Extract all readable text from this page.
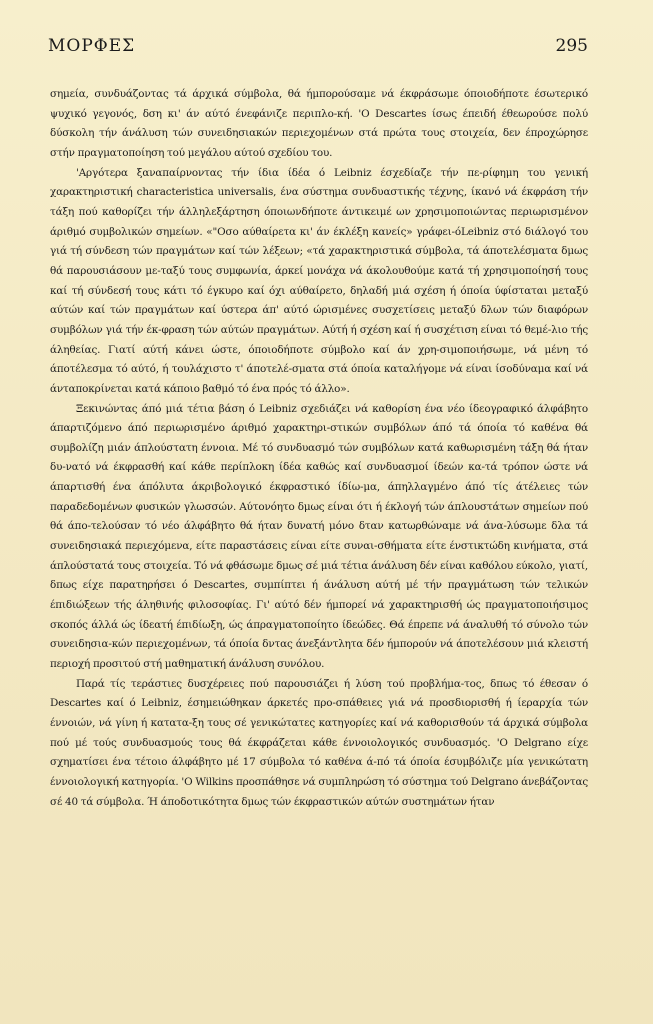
ΜΟΡΦΕΣ	295

σημεία, συνδυάζοντας τά άρχικά σύμβολα, θά ήμπορούσαμε νά έκφράσωμε όποιοδήποτε έσωτερικό ψυχικό γεγονός, δση κι' άν αύτό ένεφάνιζε περιπλο-κή. 'Ο Descartes ίσως έπειδή έθεωρούσε πολύ δύσκολη τήν άνάλυση τών συνειδησιακών περιεχομένων στά πρώτα τους στοιχεία, δεν έπροχώρησε στήν πραγματοποίηση τού μεγάλου αύτού σχεδίου του.

'Αργότερα ξαναπαίρνοντας τήν ίδια ίδέα ό Leibniz έσχεδίαζε τήν πε-ρίφημη του γενική χαρακτηριστική characteristica universalis, ένα σύστημα συνδυαστικής τέχνης, ίκανό νά έκφράση τήν τάξη πού καθορίζει τήν άλληλεξάρτηση όποιωνδήποτε άντικειμέ ων χρησιμοποιώντας περιωρισμένον άριθμό συμβολικών σημείων. «"Οσο αύθαίρετα κι' άν έκλέξη κανείς» γράφει-όLeibniz στό διάλογό του γιά τή σύνδεση τών πραγμάτων καί τών λέξεων; «τά χαρακτηριστικά σύμβολα, τά άποτελέσματα δμως θά παρουσιάσουν με-ταξύ τους συμφωνία, άρκεί μονάχα νά άκολουθούμε κατά τή χρησιμοποίησή τους καί τή σύνδεσή τους κάτι τό έγκυρο καί όχι αύθαίρετο, δηλαδή μιά σχέση ή όποία ύφίσταται μεταξύ αύτών καί τών πραγμάτων καί ύστερα άπ' αύτό ώρισμένες συσχετίσεις μεταξύ δλων τών διαφόρων συμβόλων γιά τήν έκ-φραση τών αύτών πραγμάτων. Αύτή ή σχέση καί ή συσχέτιση είναι τό θεμέ-λιο τής άληθείας. Γιατί αύτή κάνει ώστε, όποιοδήποτε σύμβολο καί άν χρη-σιμοποιήσωμε, νά μένη τό άποτέλεσμα τό αύτό, ή τουλάχιστο τ' άποτελέ-σματα στά όποία καταλήγομε νά είναι ίσοδύναμα καί νά άνταποκρίνεται κατά κάποιο βαθμό τό ένα πρός τό άλλο».

Ξεκινώντας άπό μιά τέτια βάση ό Leibniz σχεδιάζει νά καθορίση ένα νέο ίδεογραφικό άλφάβητο άπαρτιζόμενο άπό περιωρισμένο άριθμό χαρακτηρι-στικών συμβόλων άπό τά όποία τό καθένα θά συμβολίζη μιάν άπλούστατη έννοια. Μέ τό συνδυασμό τών συμβόλων κατά καθωρισμένη τάξη θά ήταν δυ-νατό νά έκφρασθή καί κάθε περίπλοκη ίδέα καθώς καί συνδυασμοί ίδεών κα-τά τρόπον ώστε νά άπαρτισθή ένα άπόλυτα άκριβολογικό έκφραστικό ίδίω-μα, άπηλλαγμένο άπό τίς άτέλειες τών παραδεδομένων φυσικών γλωσσών. Αύτονόητο δμως είναι ότι ή έκλογή τών άπλουστάτων σημείων πού θά άπο-τελούσαν τό νέο άλφάβητο θά ήταν δυνατή μόνο δταν κατωρθώναμε νά άνα-λύσωμε δλα τά συνειδησιακά περιεχόμενα, είτε παραστάσεις είναι είτε συναι-σθήματα είτε ένστικτώδη κινήματα, στά άπλούστατά τους στοιχεία. Τό νά φθάσωμε δμως σέ μιά τέτια άνάλυση δέν είναι καθόλου εύκολο, γιατί, δπως είχε παρατηρήσει ό Descartes, συμπίπτει ή άνάλυση αύτή μέ τήν πραγμάτωση τών τελικών έπιδιώξεων τής άληθινής φιλοσοφίας. Γι' αύτό δέν ήμπορεί νά χαρακτηρισθή ώς πραγματοποιήσιμος σκοπός άλλά ώς ίδεατή έπιδίωξη, ώς άπραγματοποίητο ίδεώδες. Θά έπρεπε νά άναλυθή τό σύνολο τών συνειδησια-κών περιεχομένων, τά όποία δντας άνεξάντλητα δέν ήμπορούν νά άποτελέσουν μιά κλειστή περιοχή προσιτού στή μαθηματική άνάλυση συνόλου.

Παρά τίς τεράστιες δυσχέρειες πού παρουσιάζει ή λύση τού προβλήμα-τος, δπως τό έθεσαν ό Descartes καί ό Leibniz, έσημειώθηκαν άρκετές προ-σπάθειες γιά νά προσδιορισθή ή ίεραρχία τών έννοιών, νά γίνη ή κατατα-ξη τους σέ γενικώτατες κατηγορίες καί νά καθορισθούν τά άρχικά σύμβολα πού μέ τούς συνδυασμούς τους θά έκφράζεται κάθε έννοιολογικός συνδυασμός. 'Ο Delgrano είχε σχηματίσει ένα τέτοιο άλφάβητο μέ 17 σύμβολα τό καθένα ά-πό τά όποία έσυμβόλιζε μία γενικώτατη έννοιολογική κατηγορία. 'Ο Wilkins προσπάθησε νά συμπληρώση τό σύστημα τού Delgrano άνεβάζοντας σέ 40 τά σύμβολα. Ή άποδοτικότητα δμως τών έκφραστικών αύτών συστημάτων ήταν
